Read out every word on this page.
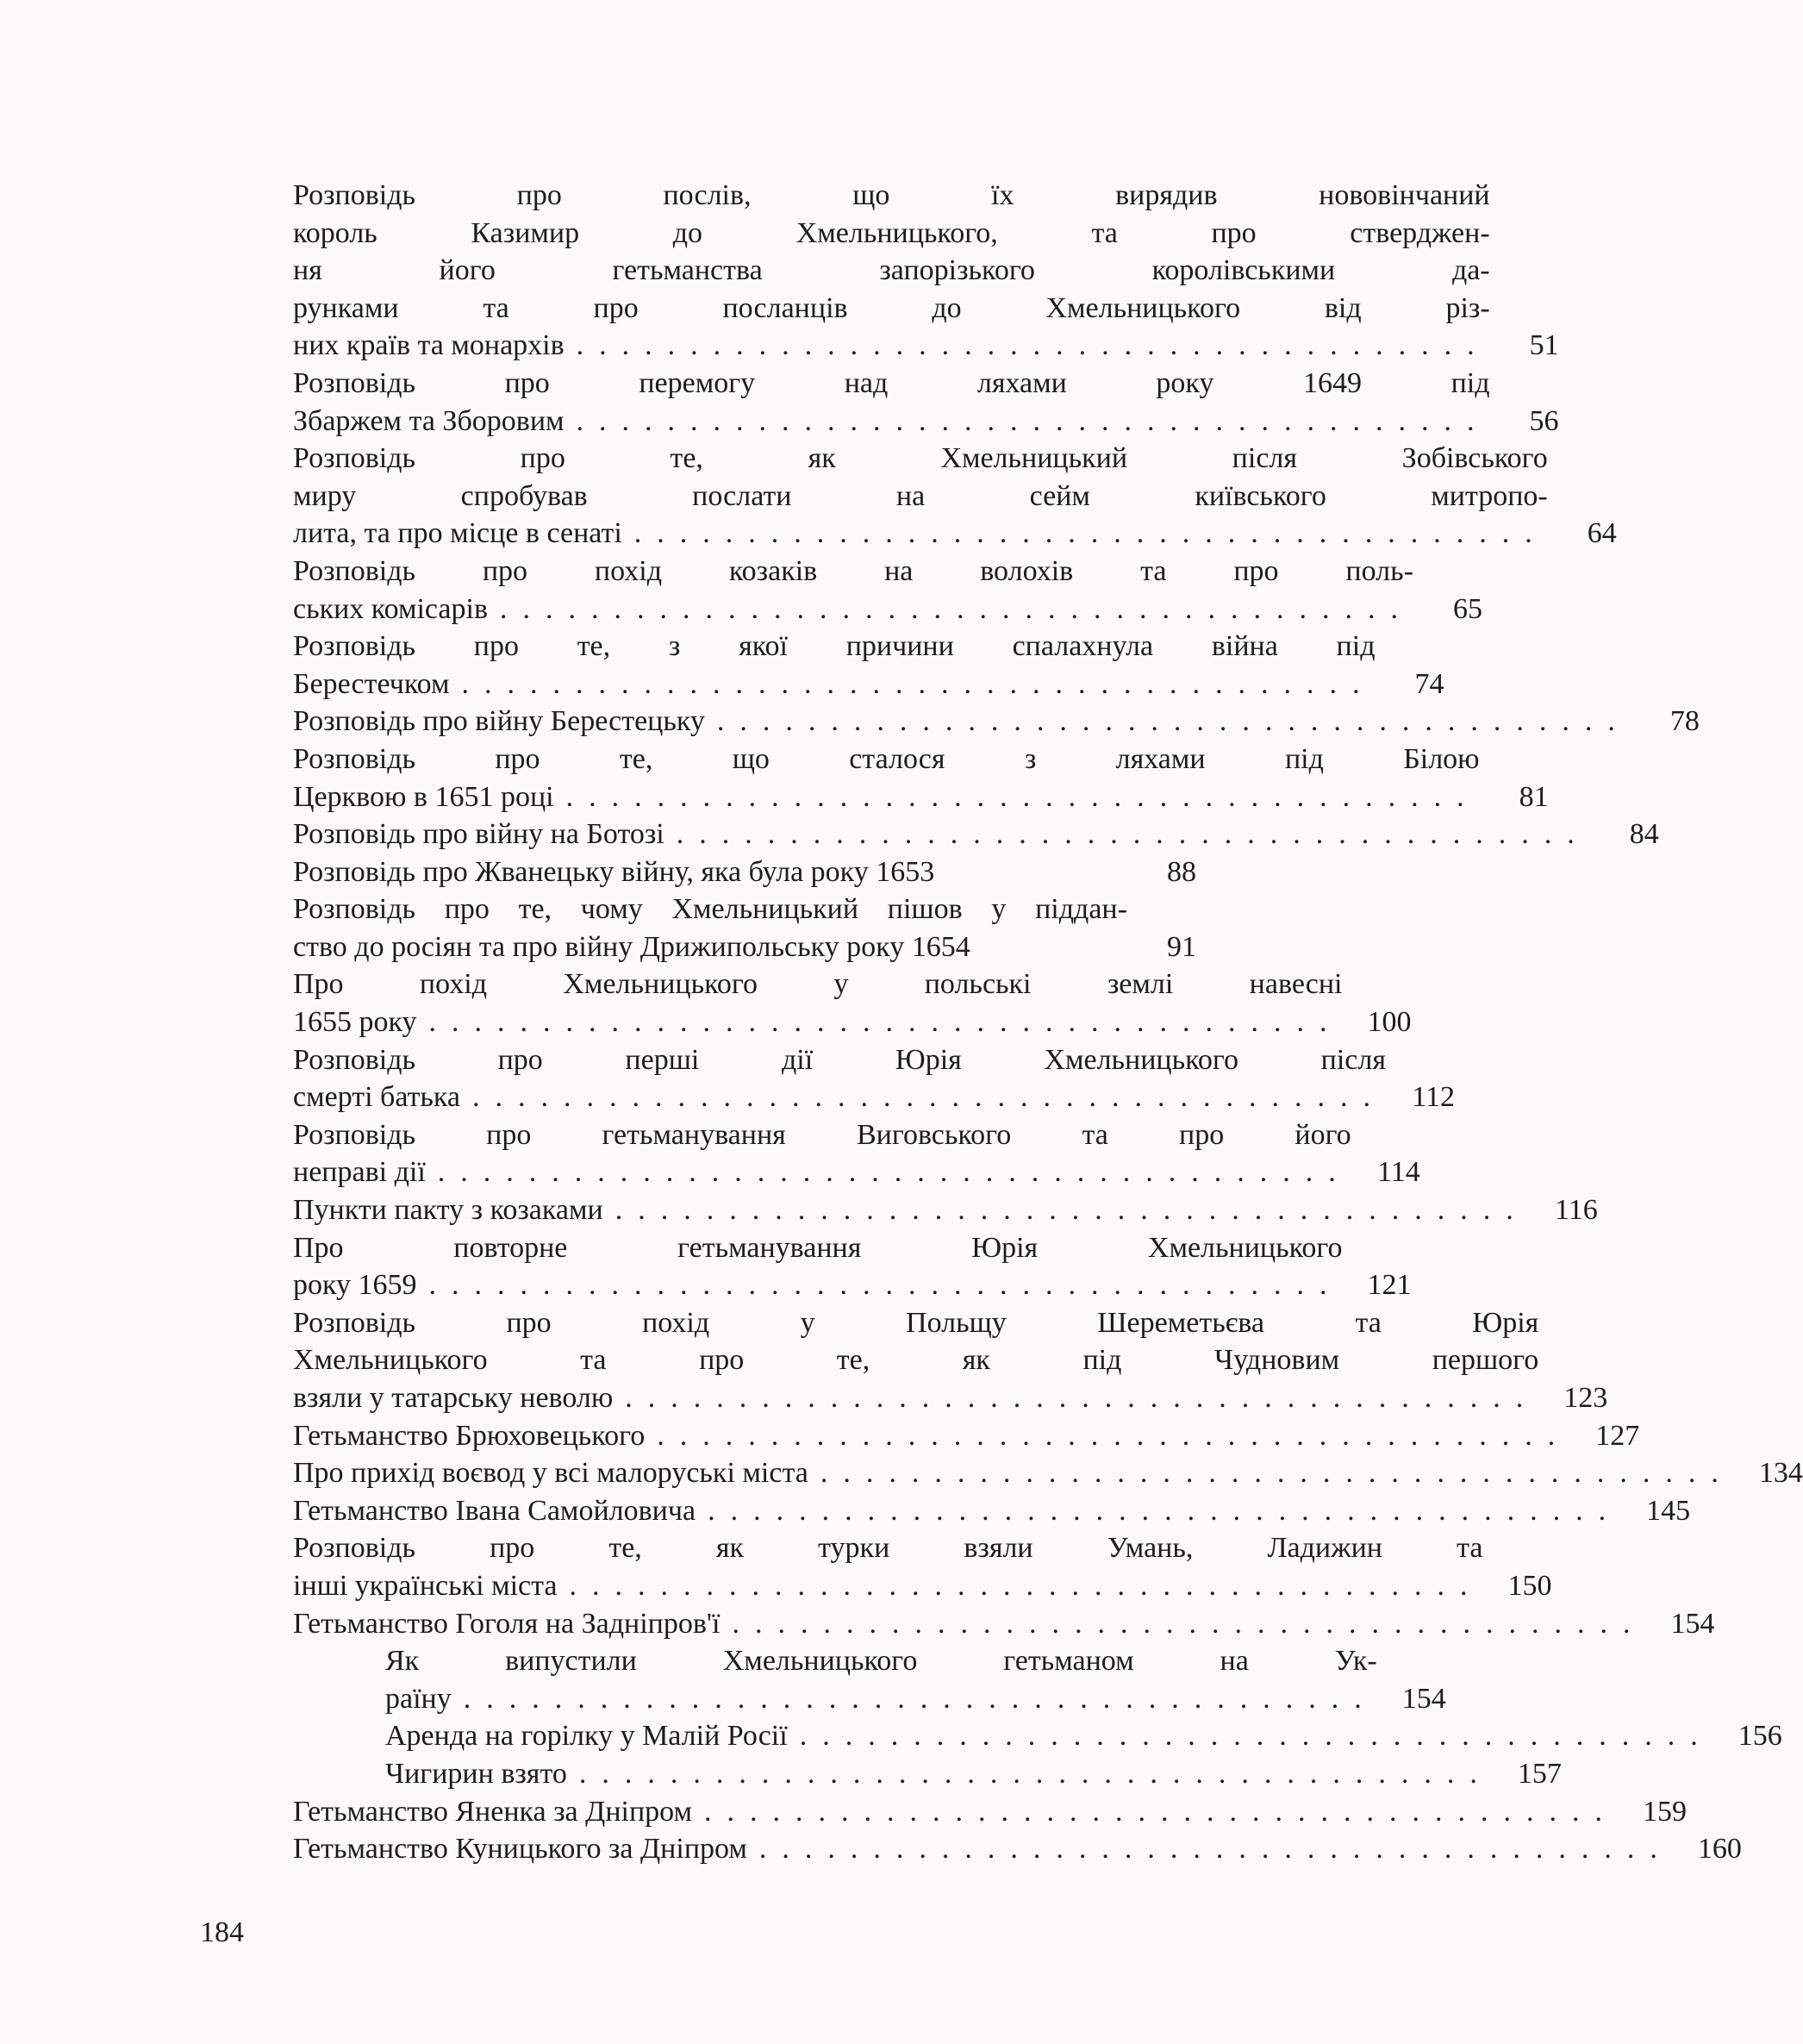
Розповідь	про	послів,	що	їх	вирядив	нововінчаний
король	Казимир	до	Хмельницького,	та	про	стверджен-
ня	його	гетьманства	запорізького	королівськими	да-
рунками	та	про	посланців	до	Хмельницького	від	різ-
них країв та монархів ........................................	51
Розповідь	про	перемогу	над	ляхами	року	1649	під
Збаржем та Зборовим ........................................	56
Розповідь	про	те,	як	Хмельницький	після	Зобівського
миру	спробував	послати	на	сейм	київського	митропо-
лита, та про місце в сенаті ........................................	64
Розповідь про похід козаків на волохів та про поль-
ських комісарів ........................................	65
Розповідь про те, з якої причини спалахнула війна під
Берестечком ........................................	74
Розповідь про війну Берестецьку ........................................	78
Розповідь	про	те,	що	сталося	з	ляхами	під	Білою
Церквою в 1651 році ........................................	81
Розповідь про війну на Ботозі ........................................	84
Розповідь про Жванецьку війну, яка була року 1653	88
Розповідь про те, чому Хмельницький пішов у піддан-
ство до росіян та про війну Дрижипольську року 1654	91
Про	похід	Хмельницького	у	польські	землі	навесні
1655 року ........................................ 100
Розповідь	про	перші	дії	Юрія	Хмельницького	після
смерті батька ........................................ 112
Розповідь про гетьманування Виговського та про його
неправі дії ........................................ 114
Пункти пакту з козаками ........................................ 116
Про	повторне	гетьманування	Юрія	Хмельницького
року 1659 ........................................ 121
Розповідь	про	похід	у	Польщу	Шереметьєва	та	Юрія
Хмельницького	та	про	те,	як	під	Чудновим	першого
взяли у татарську неволю ........................................ 123
Гетьманство Брюховецького ........................................ 127
Про прихід воєвод у всі малоруські міста ........................................ 134
Гетьманство Івана Самойловича ........................................ 145
Розповідь	про	те,	як	турки	взяли	Умань,	Ладижин	та
інші українські міста ........................................ 150
Гетьманство Гоголя на Задніпров'ї ........................................ 154
Як	випустили	Хмельницького	гетьманом	на	Ук-
раїну ........................................ 154
Аренда на горілку у Малій Росії ........................................ 156
Чигирин взято ........................................ 157
Гетьманство Яненка за Дніпром ........................................ 159
Гетьманство Куницького за Дніпром ........................................ 160
184
